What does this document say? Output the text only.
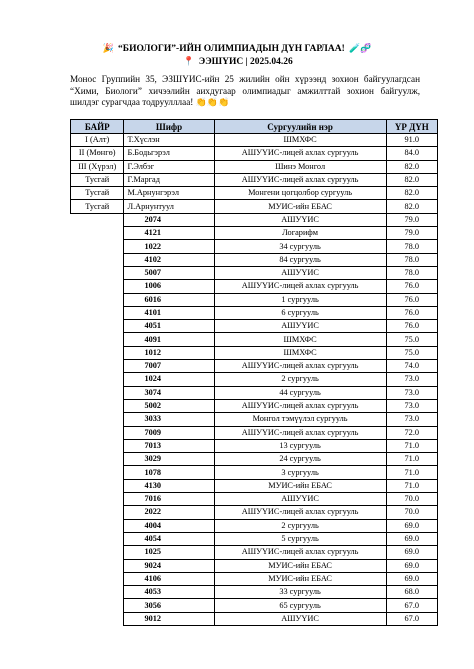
🎉 “БИОЛОГИ”-ИЙН ОЛИМПИАДЫН ДҮН ГАРЛАА! 🧪🧬
📍 ЭЭШҮИС | 2025.04.26
Монос Группийн 35, ЭЗШҮИС-ийн 25 жилийн ойн хүрээнд зохион байгуулагдсан “Хими, Биологи” хичээлийн аихдугаар олимпиадыг амжилттай зохион байгуулж, шилдэг сурагчдаа тодруулллаа! 👏👏👏
БАЙР	Шифр	Сургуулийн нэр	ҮР ДҮН
I (Алт)	Т.Хүслэн	ШМХФС	91.0
II (Мөнгө)	Б.Бодьгэрэл	АШУҮИС-лицей ахлах сургууль	84.0
III (Хүрэл)	Г.Элбэг	Шинэ Монгол	82.0
Тусгай	Г.Маргад	АШУҮИС-лицей ахлах сургууль	82.0
Тусгай	М.Арнунгэрэл	Монгени цогцолбор сургууль	82.0
Тусгай	Л.Арнунтуул	МУИС-ийн ЕБАС	82.0
	2074	АШУҮИС	79.0
	4121	Логарифм	79.0
	1022	34 сургууль	78.0
	4102	84 сургууль	78.0
	5007	АШУҮИС	78.0
	1006	АШУҮИС-лицей ахлах сургууль	76.0
	6016	1 сургууль	76.0
	4101	6 сургууль	76.0
	4051	АШУҮИС	76.0
	4091	ШМХФС	75.0
	1012	ШМХФС	75.0
	7007	АШУҮИС-лицей ахлах сургууль	74.0
	1024	2 сургууль	73.0
	3074	44 сургууль	73.0
	5002	АШУҮИС-лицей ахлах сургууль	73.0
	3033	Монгол тэмүүлэл сургууль	73.0
	7009	АШУҮИС-лицей ахлах сургууль	72.0
	7013	13 сургууль	71.0
	3029	24 сургууль	71.0
	1078	3 сургууль	71.0
	4130	МУИС-ийн ЕБАС	71.0
	7016	АШУҮИС	70.0
	2022	АШУҮИС-лицей ахлах сургууль	70.0
	4004	2 сургууль	69.0
	4054	5 сургууль	69.0
	1025	АШУҮИС-лицей ахлах сургууль	69.0
	9024	МУИС-ийн ЕБАС	69.0
	4106	МУИС-ийн ЕБАС	69.0
	4053	33 сургууль	68.0
	3056	65 сургууль	67.0
	9012	АШУҮИС	67.0
